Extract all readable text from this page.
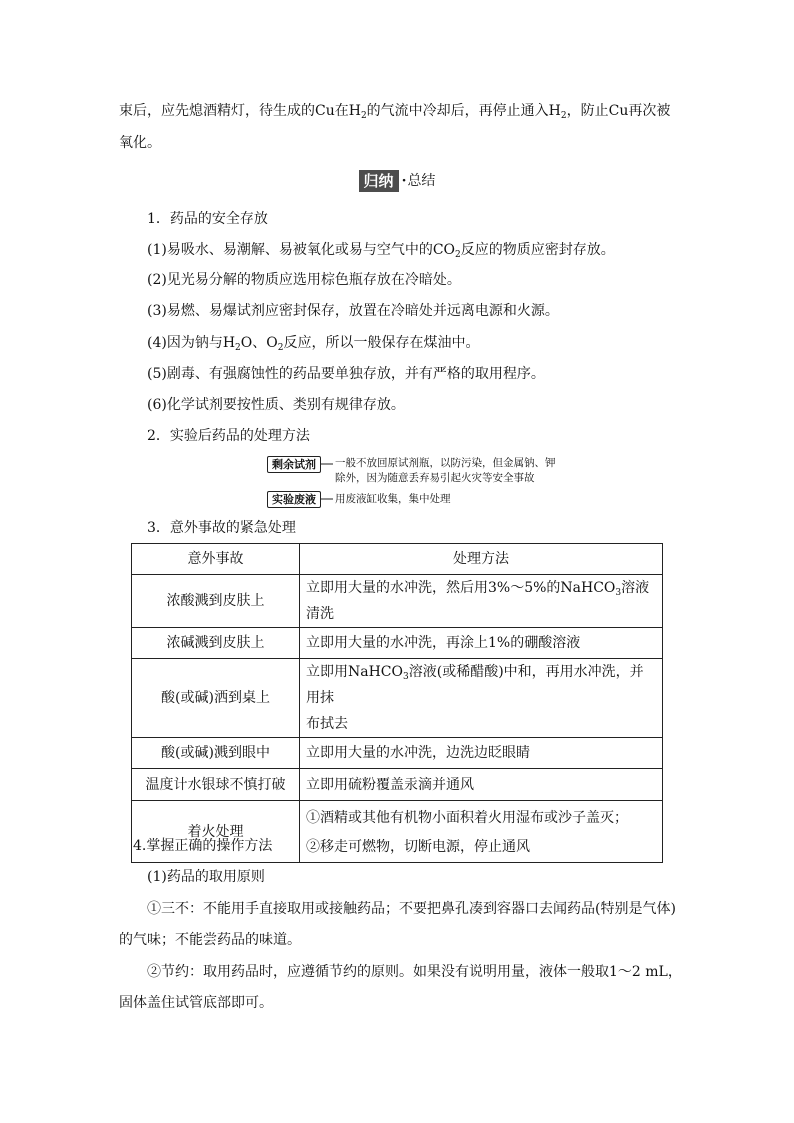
束后，应先熄酒精灯，待生成的Cu在$H_2$的气流中冷却后，再停止通入$H_2$，防止Cu再次被
氧化。
归纳 ·总结
1．药品的安全存放
(1)易吸水、易潮解、易被氧化或易与空气中的$CO_2$反应的物质应密封存放。
(2)见光易分解的物质应选用棕色瓶存放在冷暗处。
(3)易燃、易爆试剂应密封保存，放置在冷暗处并远离电源和火源。
(4)因为钠与$H_2O$、$O_2$反应，所以一般保存在煤油中。
(5)剧毒、有强腐蚀性的药品要单独存放，并有严格的取用程序。
(6)化学试剂要按性质、类别有规律存放。
2．实验后药品的处理方法
剩余试剂	一般不放回原试剂瓶，以防污染，但金属钠、钾
除外，因为随意丢弃易引起火灾等安全事故
实验废液	用废液缸收集，集中处理
3．意外事故的紧急处理
意外事故	处理方法
浓酸溅到皮肤上	立即用大量的水冲洗，然后用3%～5%的NaHCO$_3$溶液清洗
浓碱溅到皮肤上	立即用大量的水冲洗，再涂上1%的硼酸溶液
酸(或碱)洒到桌上	立即用NaHCO$_3$溶液(或稀醋酸)中和，再用水冲洗，并用抹
布拭去

酸(或碱)溅到眼中	立即用大量的水冲洗，边洗边眨眼睛
温度计水银球不慎打破	立即用硫粉覆盖汞滴并通风
着火处理	①酒精或其他有机物小面积着火用湿布或沙子盖灭；
②移走可燃物，切断电源，停止通风
4.掌握正确的操作方法
(1)药品的取用原则
①三不：不能用手直接取用或接触药品；不要把鼻孔凑到容器口去闻药品(特别是气体)
的气味；不能尝药品的味道。
②节约：取用药品时，应遵循节约的原则。如果没有说明用量，液体一般取1～2 mL，
固体盖住试管底部即可。
